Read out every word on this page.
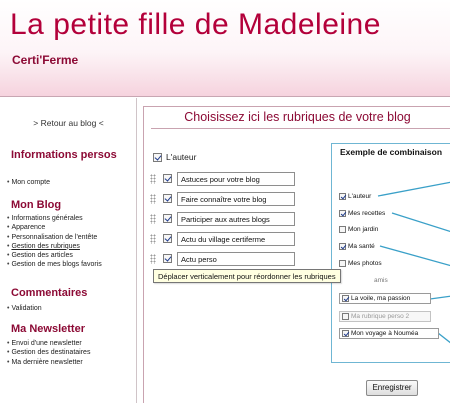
La petite fille de Madeleine
Certi'Ferme
> Retour au blog <
Informations persos
• Mon compte
Mon Blog
• Informations générales
• Apparence
• Personnalisation de l'entête
• Gestion des rubriques
• Gestion des articles
• Gestion de mes blogs favoris
Commentaires
• Validation
Ma Newsletter
• Envoi d'une newsletter
• Gestion des destinataires
• Ma dernière newsletter
Choisissez ici les rubriques de votre blog
L'auteur
Astuces pour votre blog
Faire connaître votre blog
Participer aux autres blogs
Actu du village certiferme
Actu perso
Exemple de combinaison
L'auteur
Mes recettes
Mon jardin
Ma santé
Mes photos
amis
La voile, ma passion
Ma rubrique perso 2
Mon voyage à Nouméa
Déplacer verticalement pour réordonner les rubriques
Enregistrer
